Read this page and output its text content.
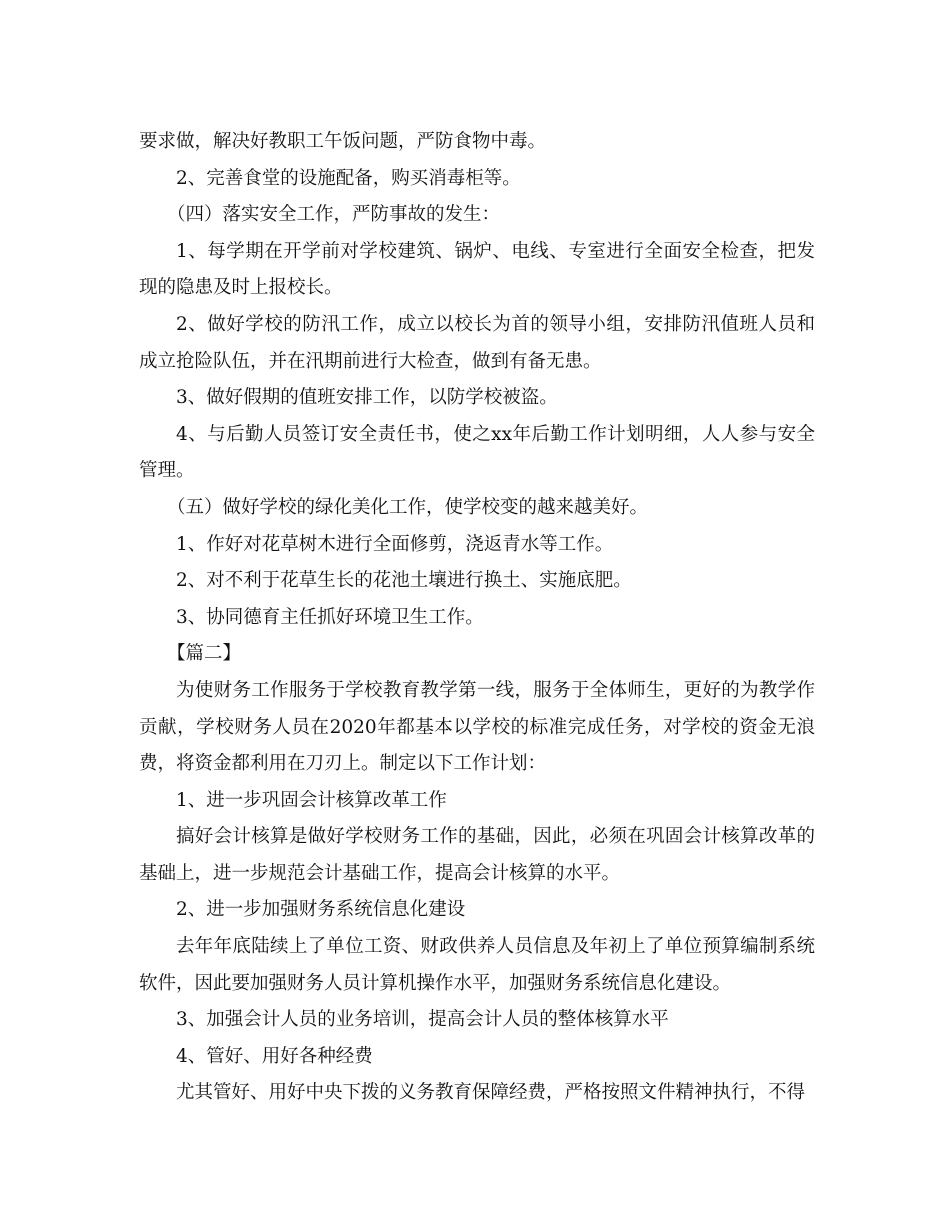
要求做，解决好教职工午饭问题，严防食物中毒。

2、完善食堂的设施配备，购买消毒柜等。

（四）落实安全工作，严防事故的发生：

1、每学期在开学前对学校建筑、锅炉、电线、专室进行全面安全检查，把发现的隐患及时上报校长。

2、做好学校的防汛工作，成立以校长为首的领导小组，安排防汛值班人员和成立抢险队伍，并在汛期前进行大检查，做到有备无患。

3、做好假期的值班安排工作，以防学校被盗。

4、与后勤人员签订安全责任书，使之xx年后勤工作计划明细，人人参与安全管理。

（五）做好学校的绿化美化工作，使学校变的越来越美好。

1、作好对花草树木进行全面修剪，浇返青水等工作。

2、对不利于花草生长的花池土壤进行换土、实施底肥。

3、协同德育主任抓好环境卫生工作。

【篇二】

为使财务工作服务于学校教育教学第一线，服务于全体师生，更好的为教学作贡献，学校财务人员在2020年都基本以学校的标准完成任务，对学校的资金无浪费，将资金都利用在刀刃上。制定以下工作计划：

1、进一步巩固会计核算改革工作

搞好会计核算是做好学校财务工作的基础，因此，必须在巩固会计核算改革的基础上，进一步规范会计基础工作，提高会计核算的水平。

2、进一步加强财务系统信息化建设

去年年底陆续上了单位工资、财政供养人员信息及年初上了单位预算编制系统软件，因此要加强财务人员计算机操作水平，加强财务系统信息化建设。

3、加强会计人员的业务培训，提高会计人员的整体核算水平

4、管好、用好各种经费

尤其管好、用好中央下拨的义务教育保障经费，严格按照文件精神执行，不得
